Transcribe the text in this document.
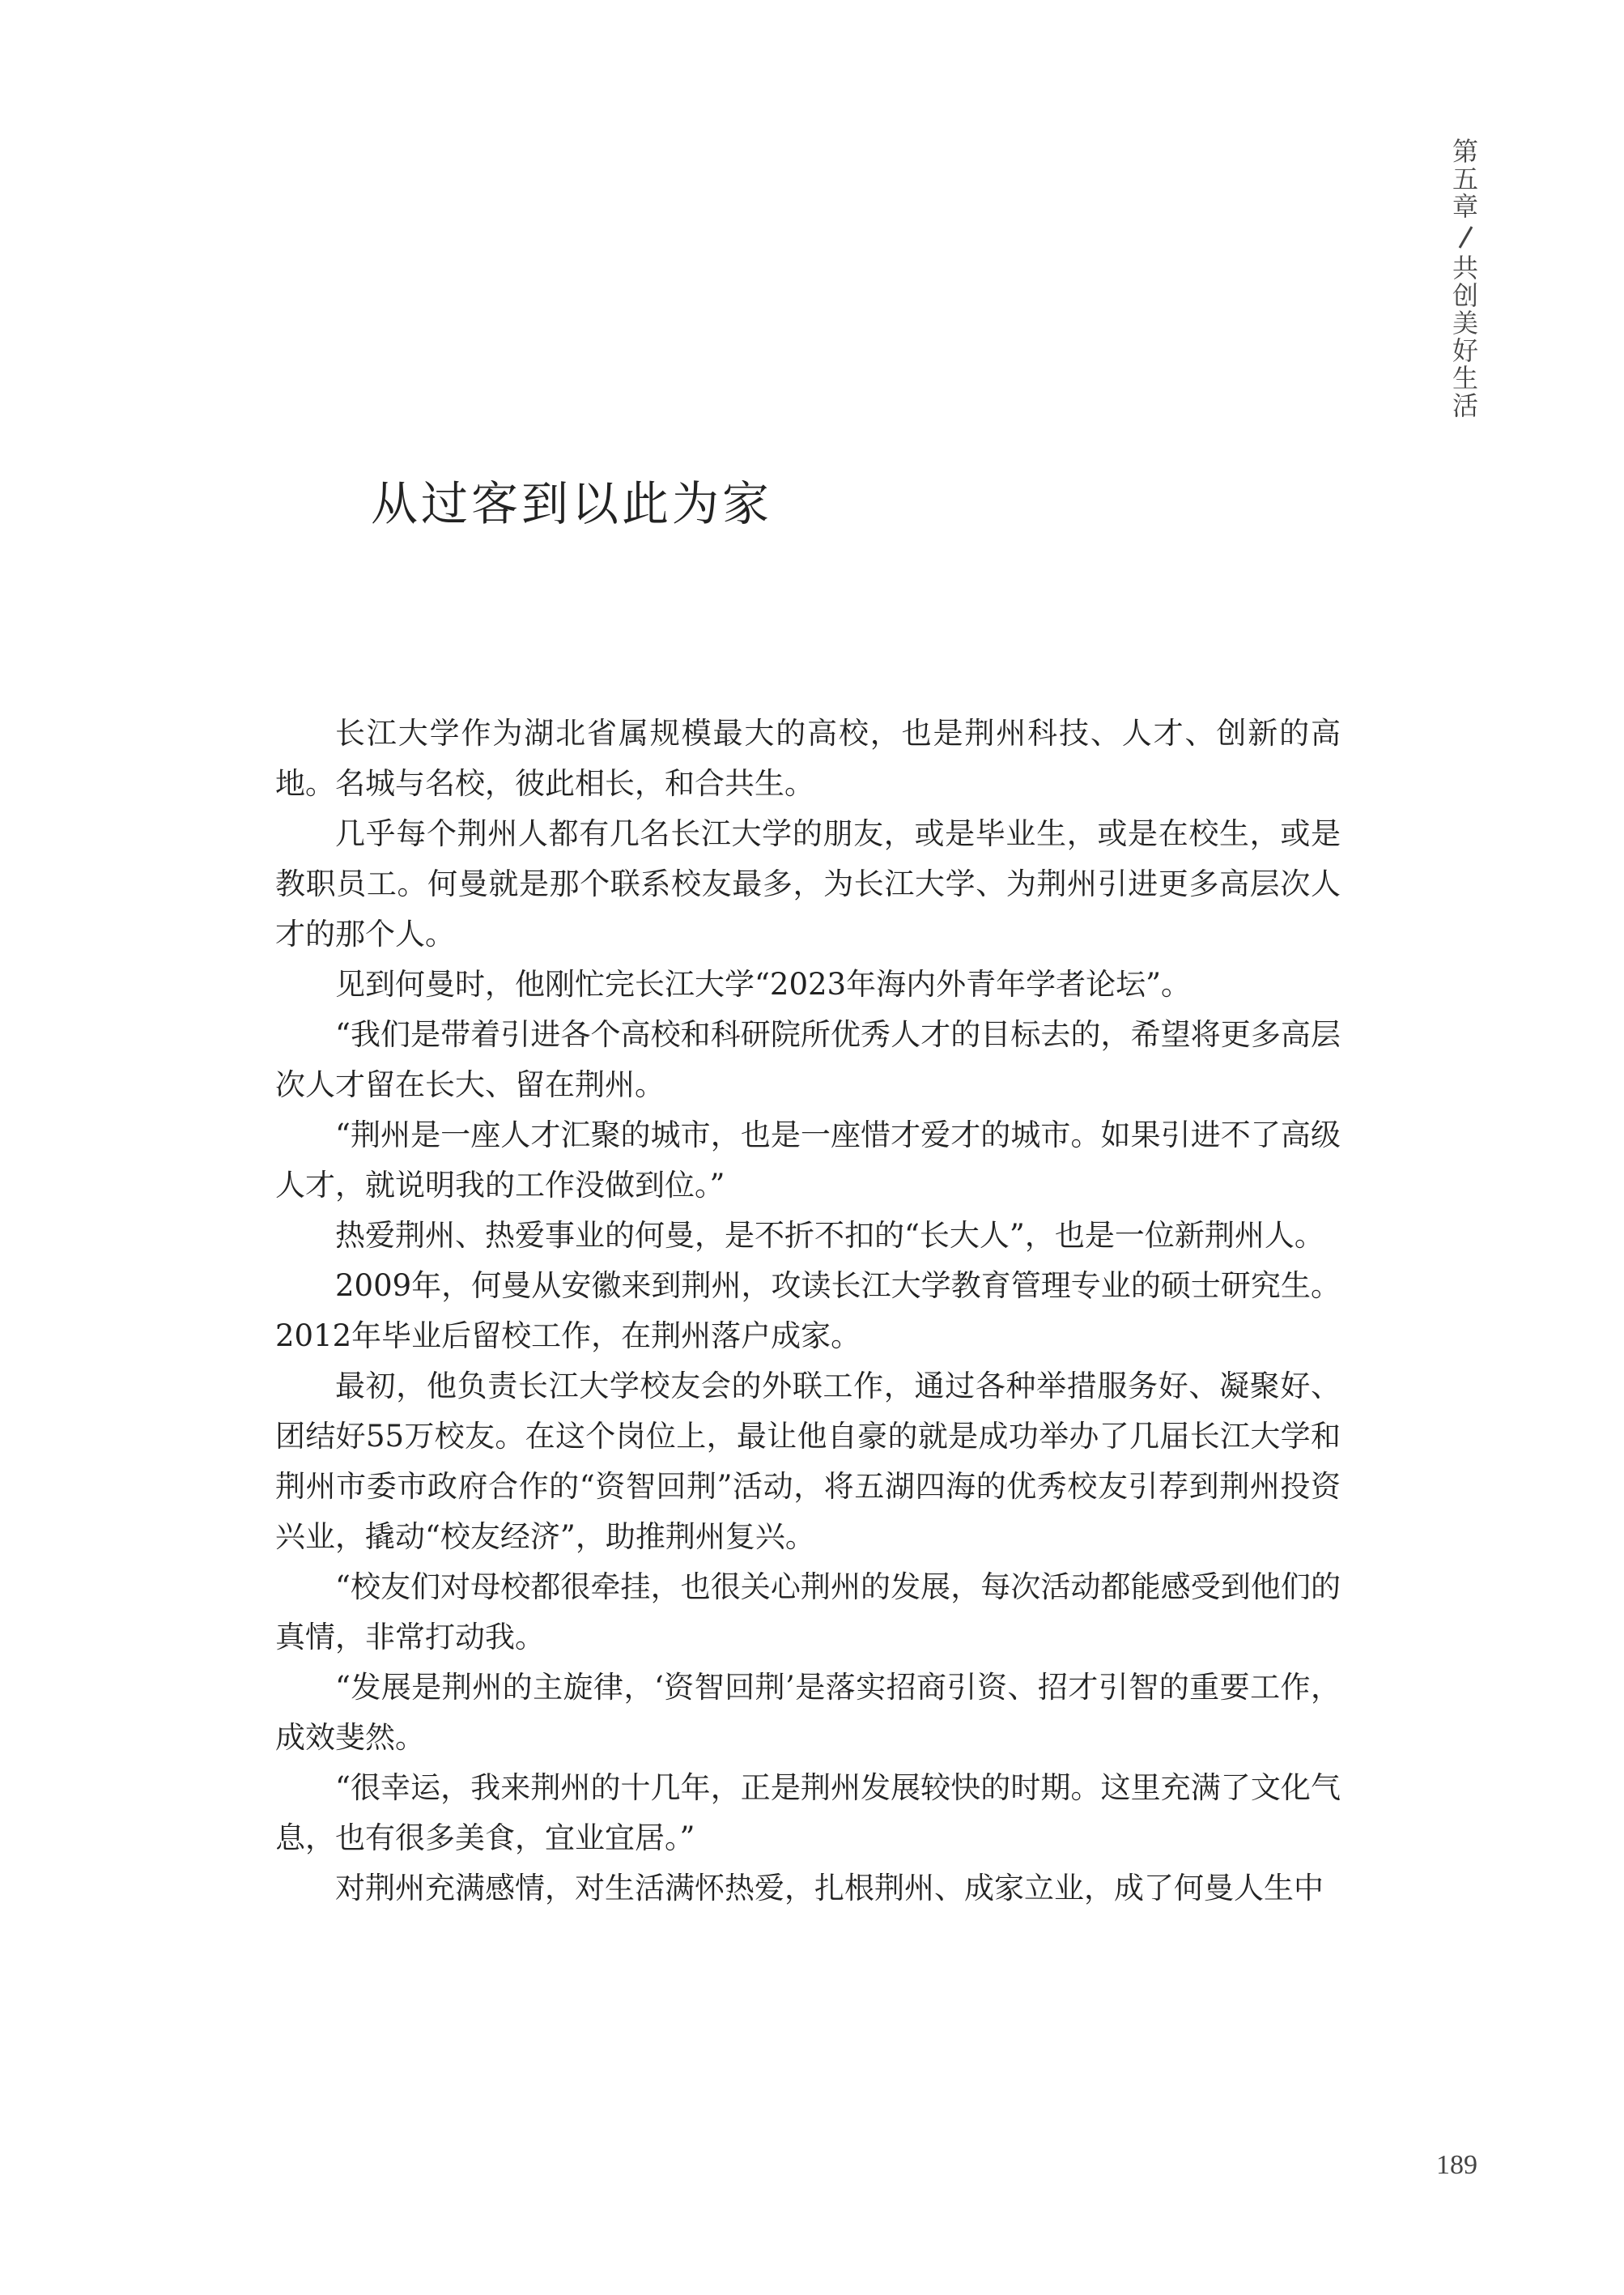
第
五
章
共
创
美
好
生
活
从过客到以此为家

长江大学作为湖北省属规模最大的高校，也是荆州科技、人才、创新的高地。名城与名校，彼此相长，和合共生。

几乎每个荆州人都有几名长江大学的朋友，或是毕业生，或是在校生，或是教职员工。何曼就是那个联系校友最多，为长江大学、为荆州引进更多高层次人才的那个人。

见到何曼时，他刚忙完长江大学“2023年海内外青年学者论坛”。

“我们是带着引进各个高校和科研院所优秀人才的目标去的，希望将更多高层次人才留在长大、留在荆州。

“荆州是一座人才汇聚的城市，也是一座惜才爱才的城市。如果引进不了高级人才，就说明我的工作没做到位。”

热爱荆州、热爱事业的何曼，是不折不扣的“长大人”，也是一位新荆州人。

2009年，何曼从安徽来到荆州，攻读长江大学教育管理专业的硕士研究生。2012年毕业后留校工作，在荆州落户成家。

最初，他负责长江大学校友会的外联工作，通过各种举措服务好、凝聚好、团结好55万校友。在这个岗位上，最让他自豪的就是成功举办了几届长江大学和荆州市委市政府合作的“资智回荆”活动，将五湖四海的优秀校友引荐到荆州投资兴业，撬动“校友经济”，助推荆州复兴。

“校友们对母校都很牵挂，也很关心荆州的发展，每次活动都能感受到他们的真情，非常打动我。

“发展是荆州的主旋律，‘资智回荆’是落实招商引资、招才引智的重要工作，成效斐然。

“很幸运，我来荆州的十几年，正是荆州发展较快的时期。这里充满了文化气息，也有很多美食，宜业宜居。”

对荆州充满感情，对生活满怀热爱，扎根荆州、成家立业，成了何曼人生中

189
